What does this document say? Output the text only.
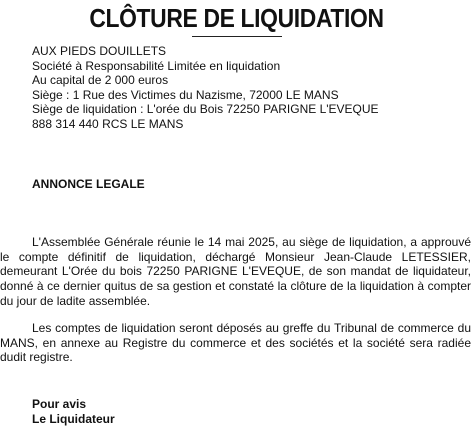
CLÔTURE DE LIQUIDATION
AUX PIEDS DOUILLETS
Société à Responsabilité Limitée en liquidation
Au capital de 2 000 euros
Siège : 1 Rue des Victimes du Nazisme, 72000 LE MANS
Siège de liquidation : L'orée du Bois 72250 PARIGNE L'EVEQUE
888 314 440 RCS LE MANS
ANNONCE LEGALE
L'Assemblée Générale réunie le 14 mai 2025, au siège de liquidation, a approuvé le compte définitif de liquidation, déchargé Monsieur Jean-Claude LETESSIER, demeurant L'Orée du bois 72250 PARIGNE L'EVEQUE, de son mandat de liquidateur, donné à ce dernier quitus de sa gestion et constaté la clôture de la liquidation à compter du jour de ladite assemblée.
Les comptes de liquidation seront déposés au greffe du Tribunal de commerce du MANS, en annexe au Registre du commerce et des sociétés et la société sera radiée dudit registre.
Pour avis
Le Liquidateur
